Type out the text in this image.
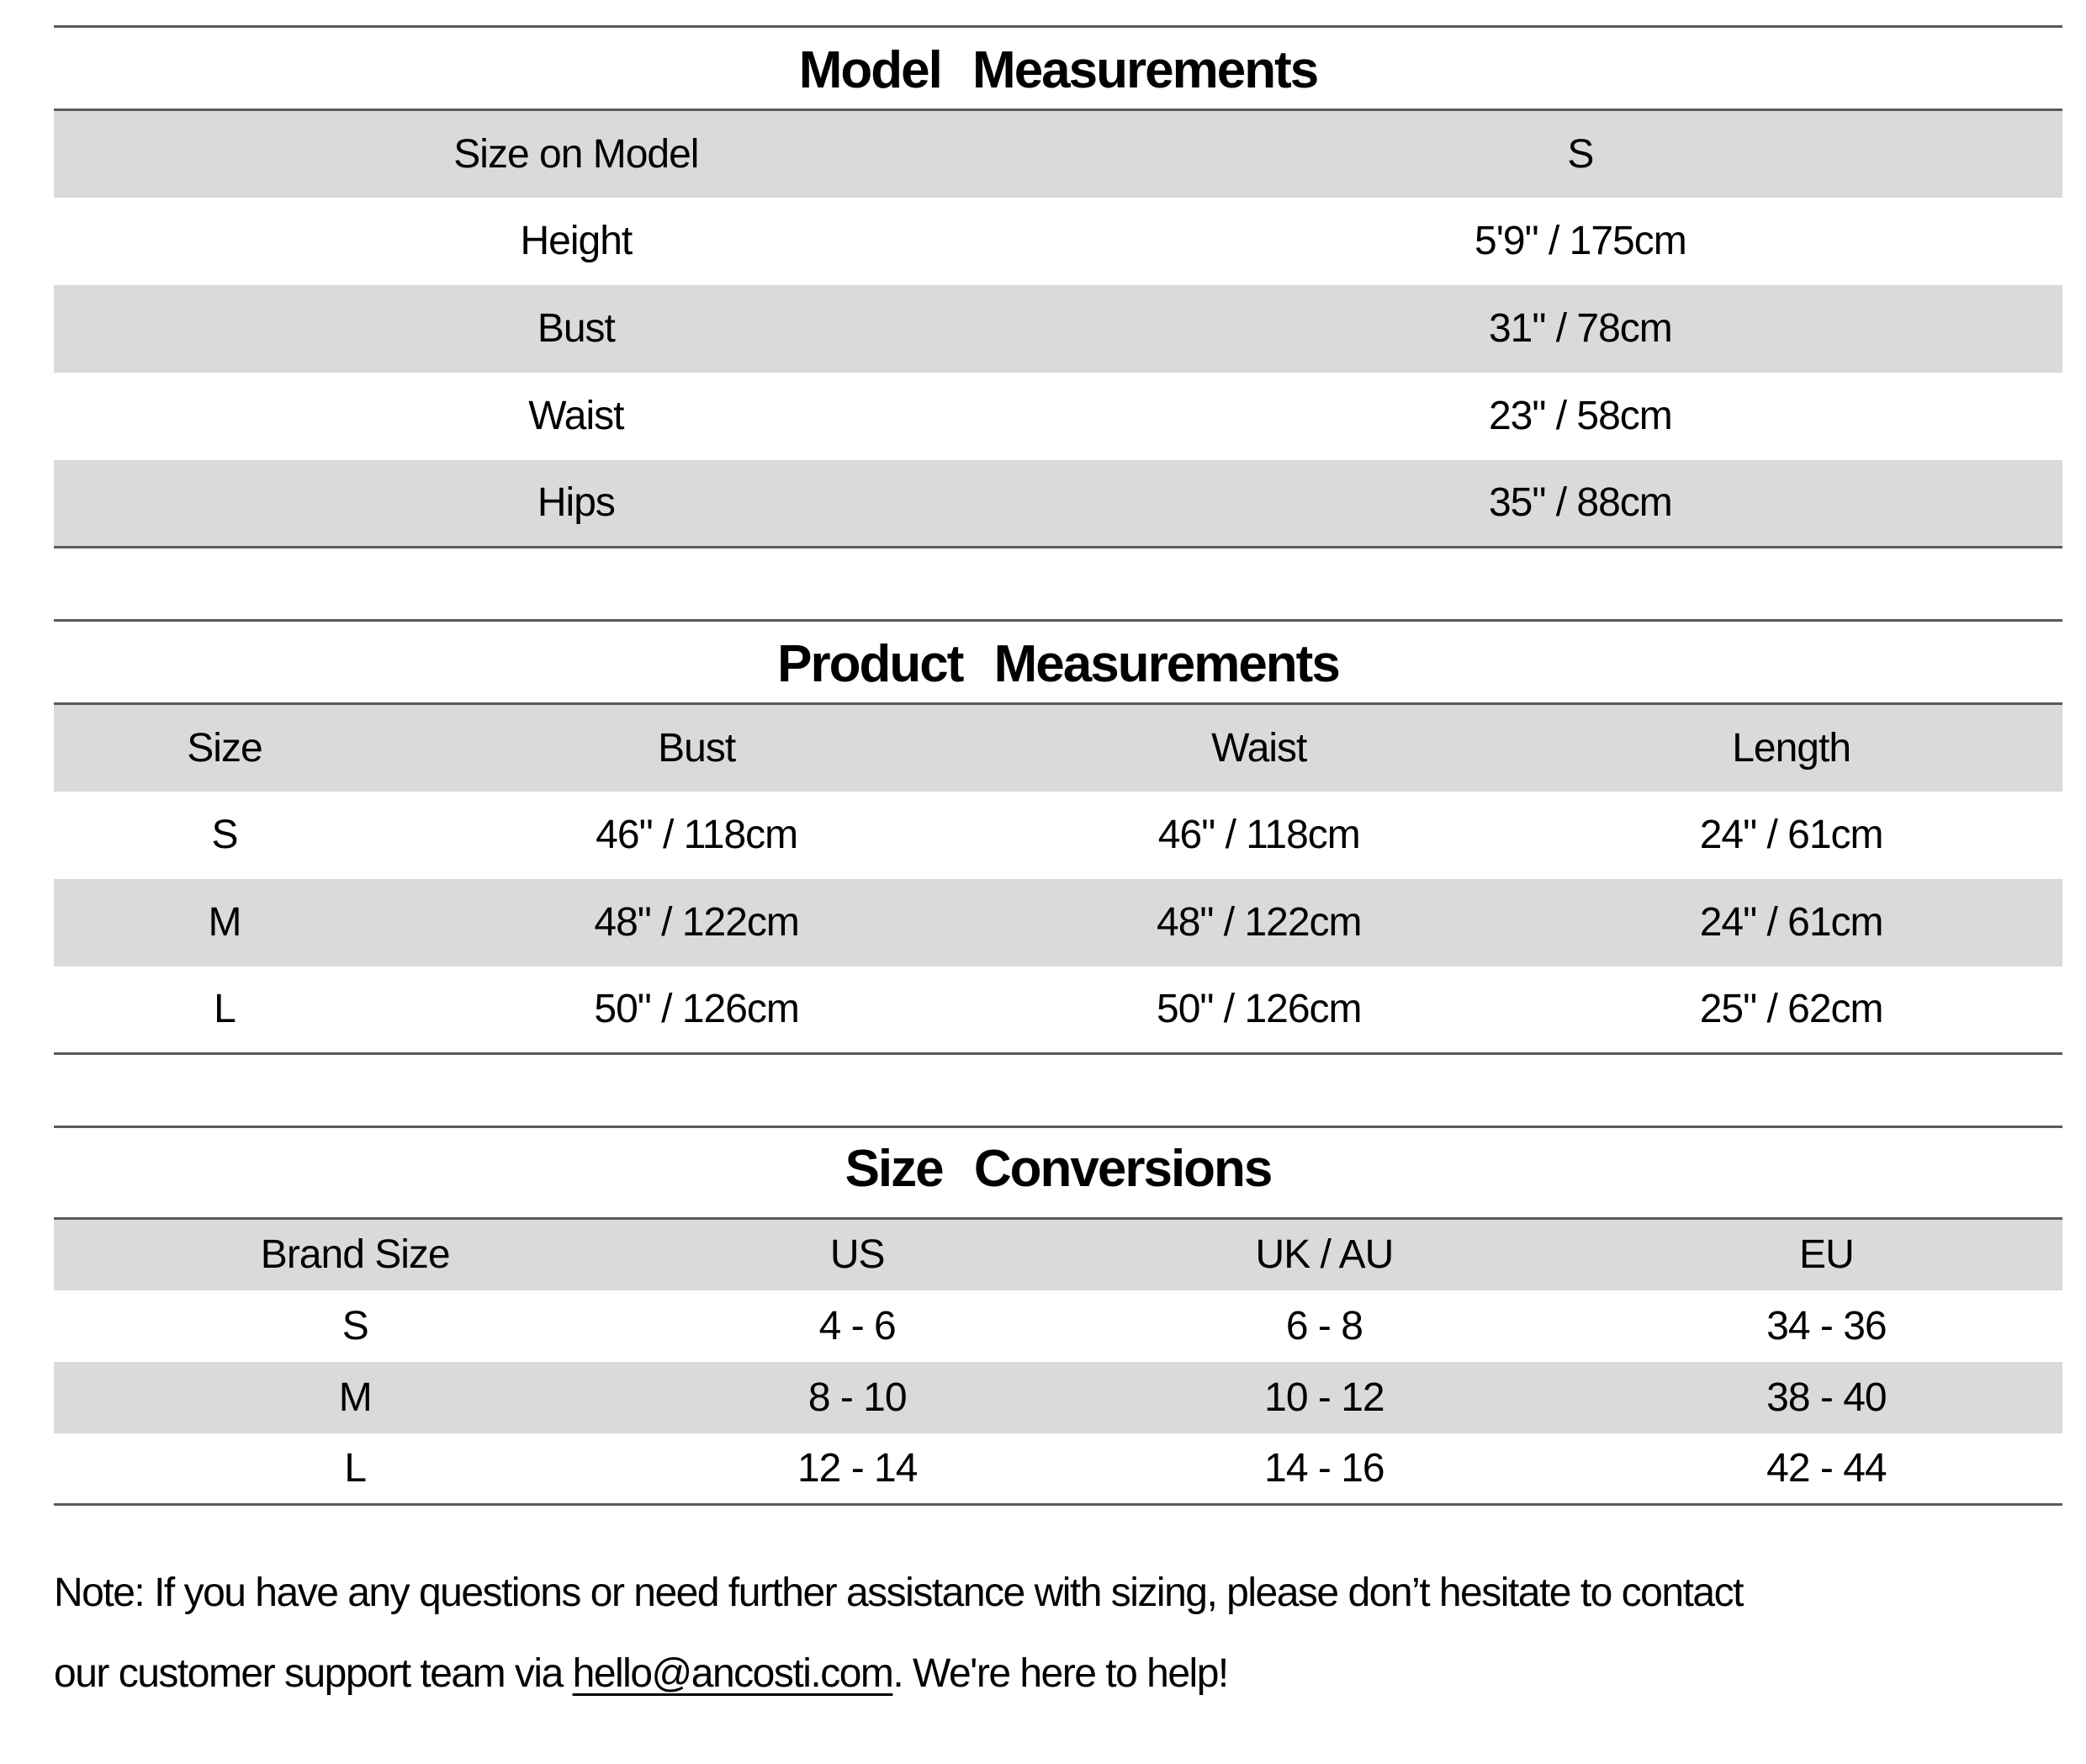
Model Measurements
Size on Model	S
Height	5'9" / 175cm
Bust	31" / 78cm
Waist	23" / 58cm
Hips	35" / 88cm
Product Measurements
Size	Bust	Waist	Length
S	46" / 118cm	46" / 118cm	24" / 61cm
M	48" / 122cm	48" / 122cm	24" / 61cm
L	50" / 126cm	50" / 126cm	25" / 62cm
Size Conversions
Brand Size	US	UK / AU	EU
S	4 - 6	6 - 8	34 - 36
M	8 - 10	10 - 12	38 - 40
L	12 - 14	14 - 16	42 - 44
Note: If you have any questions or need further assistance with sizing, please don’t hesitate to contact
our customer support team via hello@ancosti.com. We're here to help!
